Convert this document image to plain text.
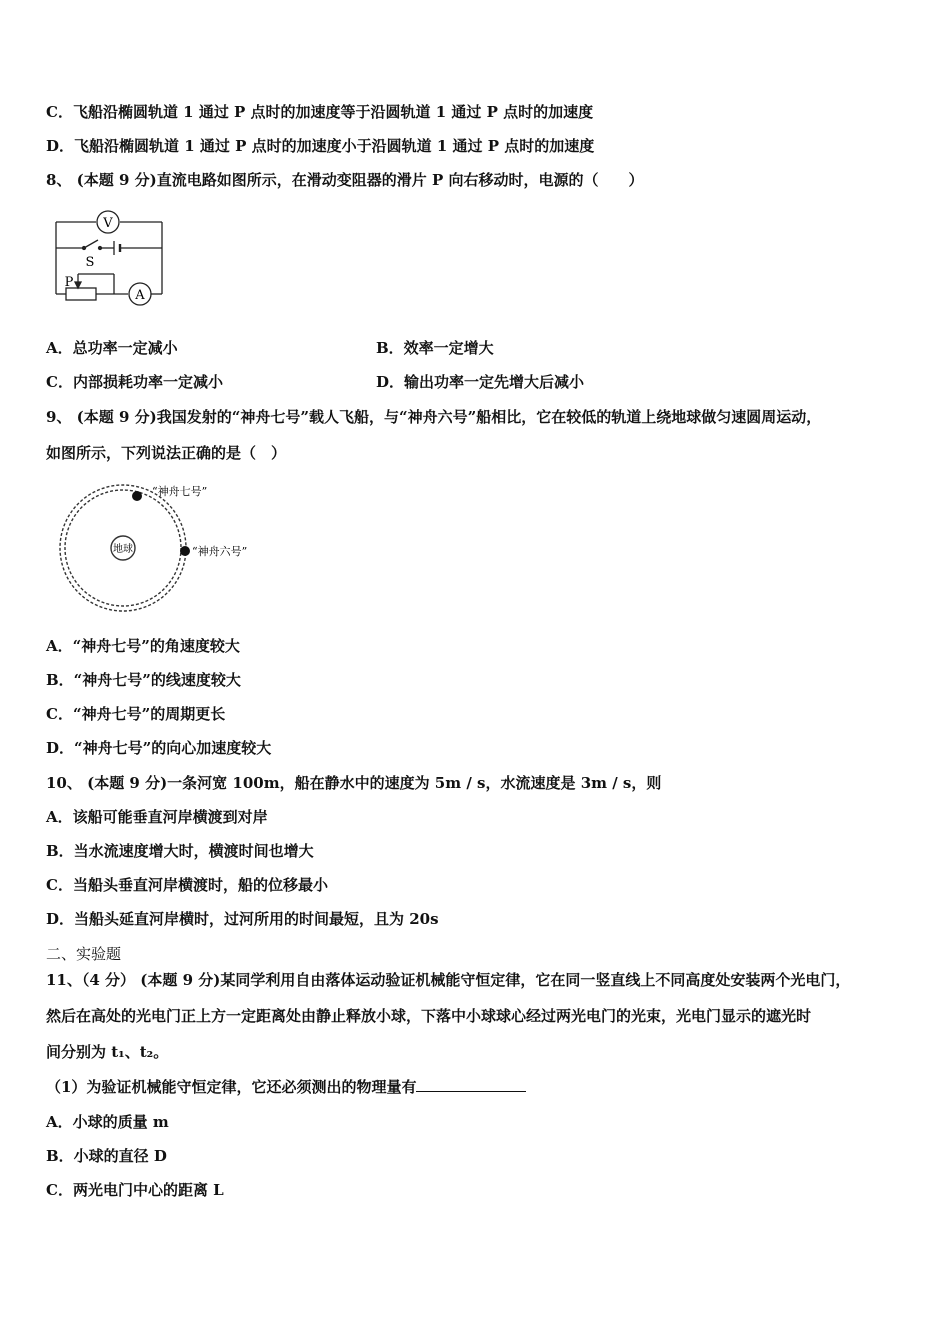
C．飞船沿椭圆轨道 1 通过 P 点时的加速度等于沿圆轨道 1 通过 P 点时的加速度
D．飞船沿椭圆轨道 1 通过 P 点时的加速度小于沿圆轨道 1 通过 P 点时的加速度
8、 (本题 9 分)直流电路如图所示，在滑动变阻器的滑片 P 向右移动时，电源的（　　）
V
S
P
A
A．总功率一定减小	B．效率一定增大
C．内部损耗功率一定减小	D．输出功率一定先增大后减小
9、 (本题 9 分)我国发射的“神舟七号”载人飞船，与“神舟六号”船相比，它在较低的轨道上绕地球做匀速圆周运动，
如图所示，下列说法正确的是（　）
地球
“神舟七号”
“神舟六号”
A．“神舟七号”的角速度较大
B．“神舟七号”的线速度较大
C．“神舟七号”的周期更长
D．“神舟七号”的向心加速度较大
10、 (本题 9 分)一条河宽 100m，船在静水中的速度为 5m / s，水流速度是 3m / s，则
A．该船可能垂直河岸横渡到对岸
B．当水流速度增大时，横渡时间也增大
C．当船头垂直河岸横渡时，船的位移最小
D．当船头延直河岸横时，过河所用的时间最短，且为 20s
二、实验题
11、（4 分） (本题 9 分)某同学利用自由落体运动验证机械能守恒定律，它在同一竖直线上不同高度处安装两个光电门，
然后在高处的光电门正上方一定距离处由静止释放小球，下落中小球球心经过两光电门的光束，光电门显示的遮光时
间分别为 t₁、t₂。
（1）为验证机械能守恒定律，它还必须测出的物理量有
A．小球的质量 m
B．小球的直径 D
C．两光电门中心的距离 L
